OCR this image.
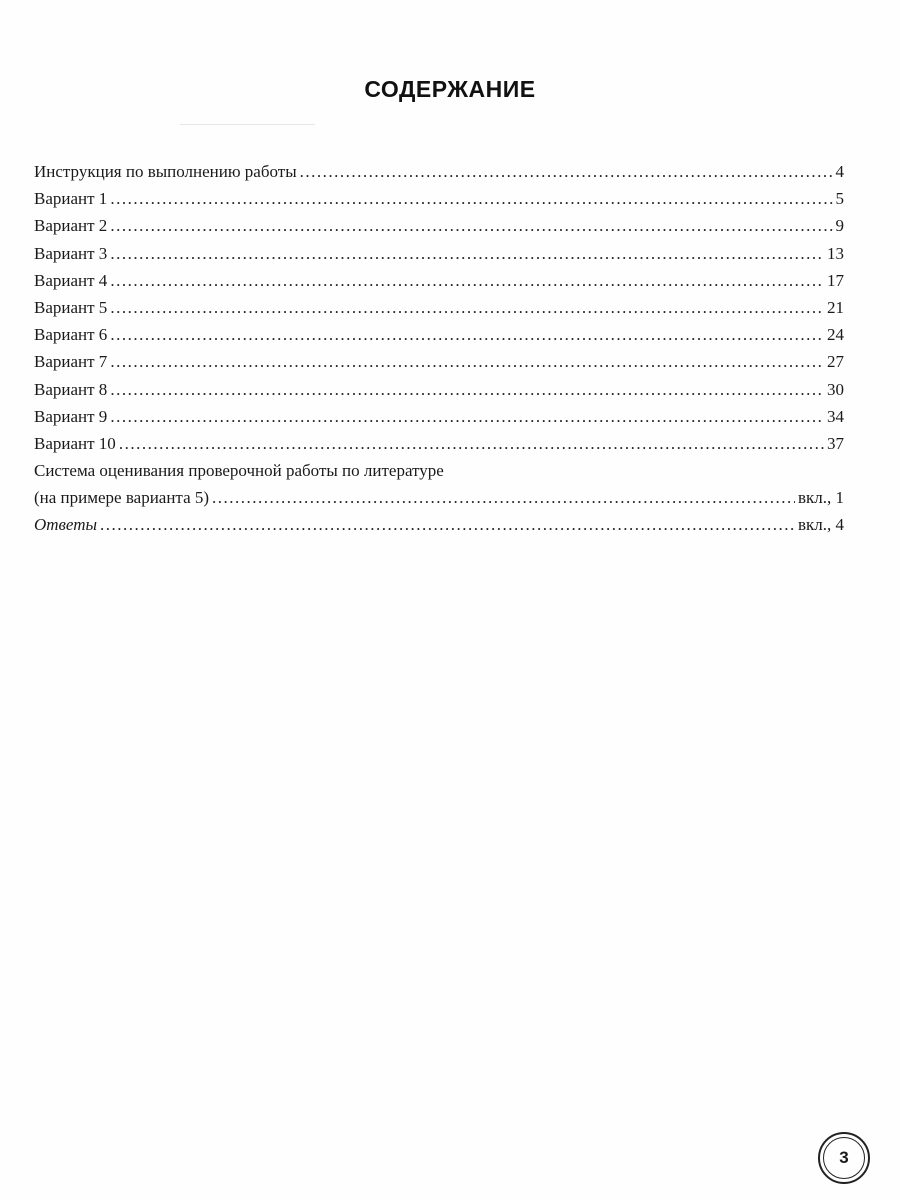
СОДЕРЖАНИЕ
Инструкция по выполнению работы .....	4
Вариант 1 .....	5
Вариант 2 .....	9
Вариант 3 .....	13
Вариант 4 .....	17
Вариант 5 .....	21
Вариант 6 .....	24
Вариант 7 .....	27
Вариант 8 .....	30
Вариант 9 .....	34
Вариант 10 .....	37
Система оценивания проверочной работы по литературе
(на примере варианта 5) .....	вкл., 1
Ответы .....	вкл., 4
3
